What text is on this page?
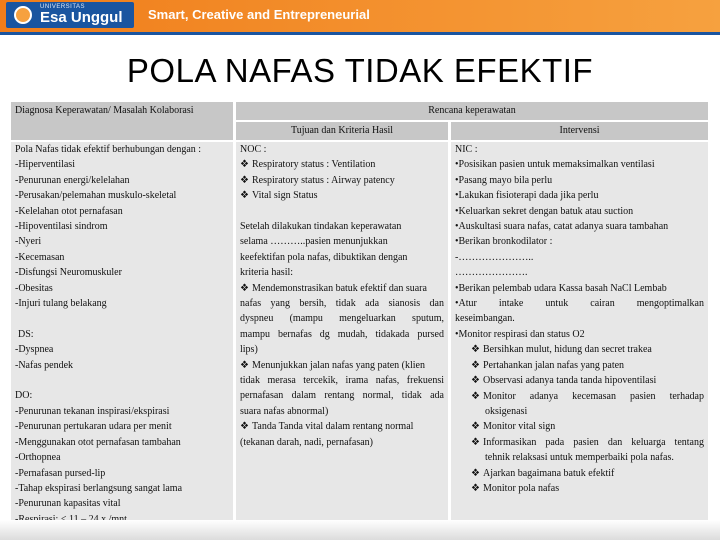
UNIVERSITAS
Esa Unggul Smart, Creative and Entrepreneurial
POLA NAFAS TIDAK EFEKTIF
Diagnosa Keperawatan/ Masalah Kolaborasi	Rencana keperawatan
Tujuan dan Kriteria Hasil	Intervensi
Pola Nafas tidak efektif berhubungan dengan :
-Hiperventilasi
-Penurunan energi/kelelahan
-Perusakan/pelemahan muskulo-skeletal
-Kelelahan otot pernafasan
-Hipoventilasi sindrom
-Nyeri
-Kecemasan
-Disfungsi Neuromuskuler
-Obesitas
-Injuri tulang belakang
DS:
-Dyspnea
-Nafas pendek
DO:
-Penurunan tekanan inspirasi/ekspirasi
-Penurunan pertukaran udara per menit
-Menggunakan otot pernafasan tambahan
-Orthopnea
-Pernafasan pursed-lip
-Tahap ekspirasi berlangsung sangat lama
-Penurunan kapasitas vital
NOC :
❖ Respiratory status : Ventilation
❖ Respiratory status : Airway patency
❖ Vital sign Status
Setelah dilakukan tindakan keperawatan
selama ………..pasien menunjukkan
keefektifan pola nafas, dibuktikan dengan
kriteria hasil:
❖ Mendemonstrasikan batuk efektif dan suara
nafas yang bersih, tidak ada sianosis dan
dyspneu (mampu mengeluarkan sputum,
mampu bernafas dg mudah, tidakada pursed
lips)
❖ Menunjukkan jalan nafas yang paten (klien
tidak merasa tercekik, irama nafas, frekuensi
pernafasan dalam rentang normal, tidak ada
suara nafas abnormal)
❖ Tanda Tanda vital dalam rentang normal
(tekanan darah, nadi, pernafasan)
NIC :
•Posisikan pasien untuk memaksimalkan ventilasi
•Pasang mayo bila perlu
•Lakukan fisioterapi dada jika perlu
•Keluarkan sekret dengan batuk atau suction
•Auskultasi suara nafas, catat adanya suara tambahan
•Berikan bronkodilator :
-…………………..
………………….
•Berikan pelembab udara Kassa basah NaCl Lembab
•Atur intake untuk cairan mengoptimalkan
keseimbangan.
•Monitor respirasi dan status O2
❖ Bersihkan mulut, hidung dan secret trakea
❖ Pertahankan jalan nafas yang paten
❖ Observasi adanya tanda tanda hipoventilasi
❖ Monitor adanya kecemasan pasien terhadap
oksigenasi
❖ Monitor vital sign
❖ Informasikan pada pasien dan keluarga tentang
tehnik relaksasi untuk memperbaiki pola nafas.
❖ Ajarkan bagaimana batuk efektif
❖ Monitor pola nafas
